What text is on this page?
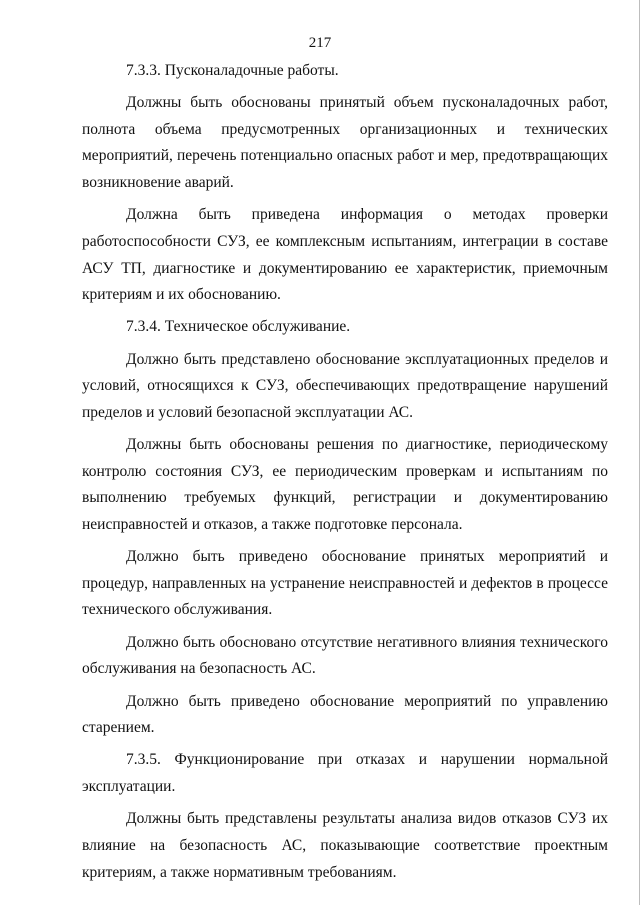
217

7.3.3. Пусконаладочные работы.

Должны быть обоснованы принятый объем пусконаладочных работ, полнота объема предусмотренных организационных и технических мероприятий, перечень потенциально опасных работ и мер, предотвращающих возникновение аварий.

Должна быть приведена информация о методах проверки работоспособности СУЗ, ее комплексным испытаниям, интеграции в составе АСУ ТП, диагностике и документированию ее характеристик, приемочным критериям и их обоснованию.

7.3.4. Техническое обслуживание.

Должно быть представлено обоснование эксплуатационных пределов и условий, относящихся к СУЗ, обеспечивающих предотвращение нарушений пределов и условий безопасной эксплуатации АС.

Должны быть обоснованы решения по диагностике, периодическому контролю состояния СУЗ, ее периодическим проверкам и испытаниям по выполнению требуемых функций, регистрации и документированию неисправностей и отказов, а также подготовке персонала.

Должно быть приведено обоснование принятых мероприятий и процедур, направленных на устранение неисправностей и дефектов в процессе технического обслуживания.

Должно быть обосновано отсутствие негативного влияния технического обслуживания на безопасность АС.

Должно быть приведено обоснование мероприятий по управлению старением.

7.3.5. Функционирование при отказах и нарушении нормальной эксплуатации.

Должны быть представлены результаты анализа видов отказов СУЗ их влияние на безопасность АС, показывающие соответствие проектным критериям, а также нормативным требованиям.
